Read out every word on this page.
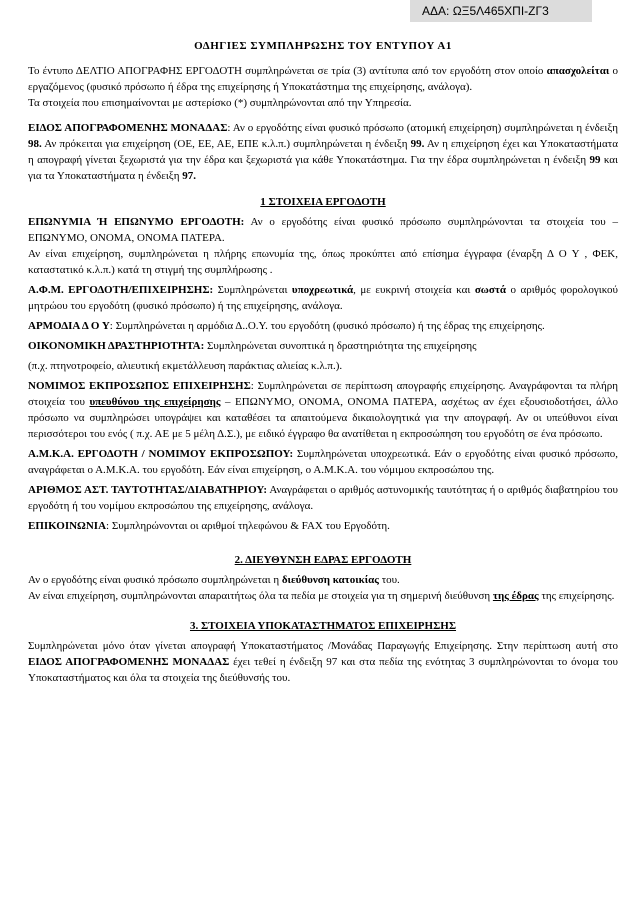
ΑΔΑ: ΩΞ5Λ465ΧΠΙ-ΖΓ3

ΟΔΗΓΙΕΣ ΣΥΜΠΛΗΡΩΣΗΣ ΤΟΥ ΕΝΤΥΠΟΥ Α1

Το έντυπο ΔΕΛΤΙΟ ΑΠΟΓΡΑΦΗΣ ΕΡΓΟΔΟΤΗ συμπληρώνεται σε τρία (3) αντίτυπα από τον εργοδότη στον οποίο απασχολείται ο εργαζόμενος (φυσικό πρόσωπο ή έδρα της επιχείρησης ή Υποκατάστημα της επιχείρησης, ανάλογα).

Τα στοιχεία που επισημαίνονται με αστερίσκο (*) συμπληρώνονται από την Υπηρεσία.

ΕΙΔΟΣ ΑΠΟΓΡΑΦΟΜΕΝΗΣ ΜΟΝΑΔΑΣ: Αν ο εργοδότης είναι φυσικό πρόσωπο (ατομική επιχείρηση) συμπληρώνεται η ένδειξη 98. Αν πρόκειται για επιχείρηση (ΟΕ, ΕΕ, ΑΕ, ΕΠΕ κ.λ.π.) συμπληρώνεται η ένδειξη 99. Αν η επιχείρηση έχει και Υποκαταστήματα η απογραφή γίνεται ξεχωριστά για την έδρα και ξεχωριστά για κάθε Υποκατάστημα. Για την έδρα συμπληρώνεται η ένδειξη 99 και για τα Υποκαταστήματα η ένδειξη 97.

1 ΣΤΟΙΧΕΙΑ ΕΡΓΟΔΟΤΗ

ΕΠΩΝΥΜΙΑ Ή ΕΠΩΝΥΜΟ ΕΡΓΟΔΟΤΗ: Αν ο εργοδότης είναι φυσικό πρόσωπο συμπληρώνονται τα στοιχεία του – ΕΠΩΝΥΜΟ, ΟΝΟΜΑ, ΟΝΟΜΑ ΠΑΤΕΡΑ.

Αν είναι επιχείρηση, συμπληρώνεται η πλήρης επωνυμία της, όπως προκύπτει από επίσημα έγγραφα (έναρξη Δ Ο Υ , ΦΕΚ, καταστατικό κ.λ.π.) κατά τη στιγμή της συμπλήρωσης .

Α.Φ.Μ. ΕΡΓΟΔΟΤΗ/ΕΠΙΧΕΙΡΗΣΗΣ: Συμπληρώνεται υποχρεωτικά, με ευκρινή στοιχεία και σωστά ο αριθμός φορολογικού μητρώου του εργοδότη (φυσικό πρόσωπο) ή της επιχείρησης, ανάλογα.

ΑΡΜΟΔΙΑ Δ Ο Υ: Συμπληρώνεται η αρμόδια Δ..Ο.Υ. του εργοδότη (φυσικό πρόσωπο) ή της έδρας της επιχείρησης.

ΟΙΚΟΝΟΜΙΚΗ ΔΡΑΣΤΗΡΙΟΤΗΤΑ: Συμπληρώνεται συνοπτικά η δραστηριότητα της επιχείρησης

(π.χ. πτηνοτροφείο, αλιευτική εκμετάλλευση παράκτιας αλιείας κ.λ.π.).

ΝΟΜΙΜΟΣ ΕΚΠΡΟΣΩΠΟΣ ΕΠΙΧΕΙΡΗΣΗΣ: Συμπληρώνεται σε περίπτωση απογραφής επιχείρησης. Αναγράφονται τα πλήρη στοιχεία του υπευθύνου της επιχείρησης – ΕΠΩΝΥΜΟ, ΟΝΟΜΑ, ΟΝΟΜΑ ΠΑΤΕΡΑ, ασχέτως αν έχει εξουσιοδοτήσει, άλλο πρόσωπο να συμπληρώσει υπογράψει και καταθέσει τα απαιτούμενα δικαιολογητικά για την απογραφή. Αν οι υπεύθυνοι είναι περισσότεροι του ενός ( π.χ. ΑΕ με 5 μέλη Δ.Σ.), με ειδικό έγγραφο θα ανατίθεται η εκπροσώπηση του εργοδότη σε ένα πρόσωπο.

Α.Μ.Κ.Α. ΕΡΓΟΔΟΤΗ / ΝΟΜΙΜΟΥ ΕΚΠΡΟΣΩΠΟΥ: Συμπληρώνεται υποχρεωτικά. Εάν ο εργοδότης είναι φυσικό πρόσωπο, αναγράφεται ο Α.Μ.Κ.Α. του εργοδότη. Εάν είναι επιχείρηση, ο Α.Μ.Κ.Α. του νόμιμου εκπροσώπου της.

ΑΡΙΘΜΟΣ ΑΣΤ. ΤΑΥΤΟΤΗΤΑΣ/ΔΙΑΒΑΤΗΡΙΟΥ: Αναγράφεται ο αριθμός αστυνομικής ταυτότητας ή ο αριθμός διαβατηρίου του εργοδότη ή του νομίμου εκπροσώπου της επιχείρησης, ανάλογα.

ΕΠΙΚΟΙΝΩΝΙΑ: Συμπληρώνονται οι αριθμοί τηλεφώνου & FAX του Εργοδότη.

2. ΔΙΕΥΘΥΝΣΗ ΕΔΡΑΣ ΕΡΓΟΔΟΤΗ

Αν ο εργοδότης είναι φυσικό πρόσωπο συμπληρώνεται η διεύθυνση κατοικίας του.

Αν είναι επιχείρηση, συμπληρώνονται απαραιτήτως όλα τα πεδία με στοιχεία για τη σημερινή διεύθυνση της έδρας της επιχείρησης.

3. ΣΤΟΙΧΕΙΑ ΥΠΟΚΑΤΑΣΤΗΜΑΤΟΣ ΕΠΙΧΕΙΡΗΣΗΣ

Συμπληρώνεται μόνο όταν γίνεται απογραφή Υποκαταστήματος /Μονάδας Παραγωγής Επιχείρησης. Στην περίπτωση αυτή στο ΕΙΔΟΣ ΑΠΟΓΡΑΦΟΜΕΝΗΣ ΜΟΝΑΔΑΣ έχει τεθεί η ένδειξη 97 και στα πεδία της ενότητας 3 συμπληρώνονται το όνομα του Υποκαταστήματος και όλα τα στοιχεία της διεύθυνσής του.
